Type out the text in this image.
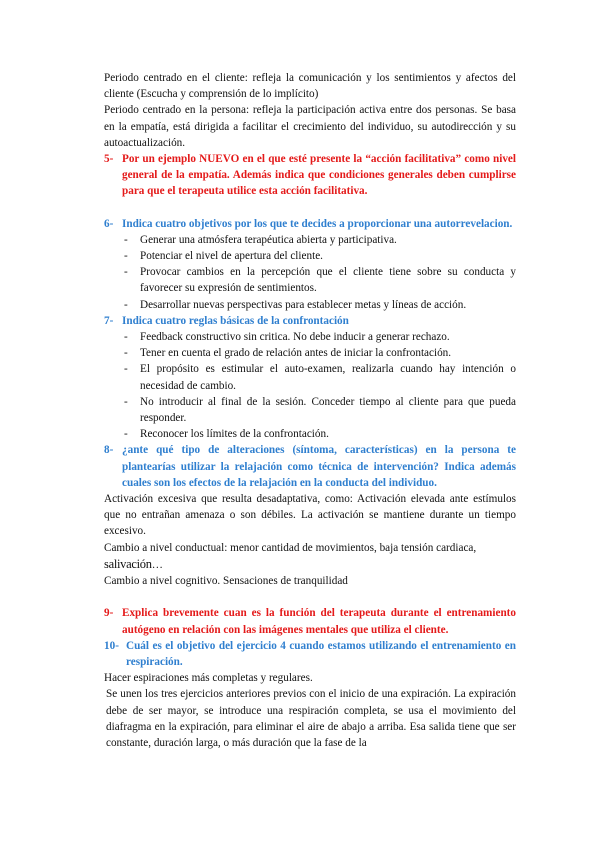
Periodo centrado en el cliente: refleja la comunicación y los sentimientos y afectos del cliente (Escucha y comprensión de lo implícito)

Periodo centrado en la persona: refleja la participación activa entre dos personas. Se basa en la empatía, está dirigida a facilitar el crecimiento del individuo, su autodirección y su autoactualización.

5- Por un ejemplo NUEVO en el que esté presente la “acción facilitativa” como nivel general de la empatía. Además indica que condiciones generales deben cumplirse para que el terapeuta utilice esta acción facilitativa.
6- Indica cuatro objetivos por los que te decides a proporcionar una autorrevelacion.
-	Generar una atmósfera terapéutica abierta y participativa.
-	Potenciar el nivel de apertura del cliente.
-	Provocar cambios en la percepción que el cliente tiene sobre su conducta y favorecer su expresión de sentimientos.
-	Desarrollar nuevas perspectivas para establecer metas y líneas de acción.
7- Indica cuatro reglas básicas de la confrontación
-	Feedback constructivo sin critica. No debe inducir a generar rechazo.
-	Tener en cuenta el grado de relación antes de iniciar la confrontación.
-	El propósito es estimular el auto-examen, realizarla cuando hay intención o necesidad de cambio.
-	No introducir al final de la sesión. Conceder tiempo al cliente para que pueda responder.
-	Reconocer los límites de la confrontación.
8- ¿ante qué tipo de alteraciones (síntoma, características) en la persona te plantearías utilizar la relajación como técnica de intervención? Indica además cuales son los efectos de la relajación en la conducta del individuo.

Activación excesiva que resulta desadaptativa, como: Activación elevada ante estímulos que no entrañan amenaza o son débiles. La activación se mantiene durante un tiempo excesivo.

Cambio a nivel conductual: menor cantidad de movimientos, baja tensión cardiaca,

salivación…

Cambio a nivel cognitivo. Sensaciones de tranquilidad

9- Explica brevemente cuan es la función del terapeuta durante el entrenamiento autógeno en relación con las imágenes mentales que utiliza el cliente.
10- Cuál es el objetivo del ejercicio 4 cuando estamos utilizando el entrenamiento en respiración.

Hacer espiraciones más completas y regulares.

Se unen los tres ejercicios anteriores previos con el inicio de una expiración. La expiración debe de ser mayor, se introduce una respiración completa, se usa el movimiento del diafragma en la expiración, para eliminar el aire de abajo a arriba. Esa salida tiene que ser constante, duración larga, o más duración que la fase de la
